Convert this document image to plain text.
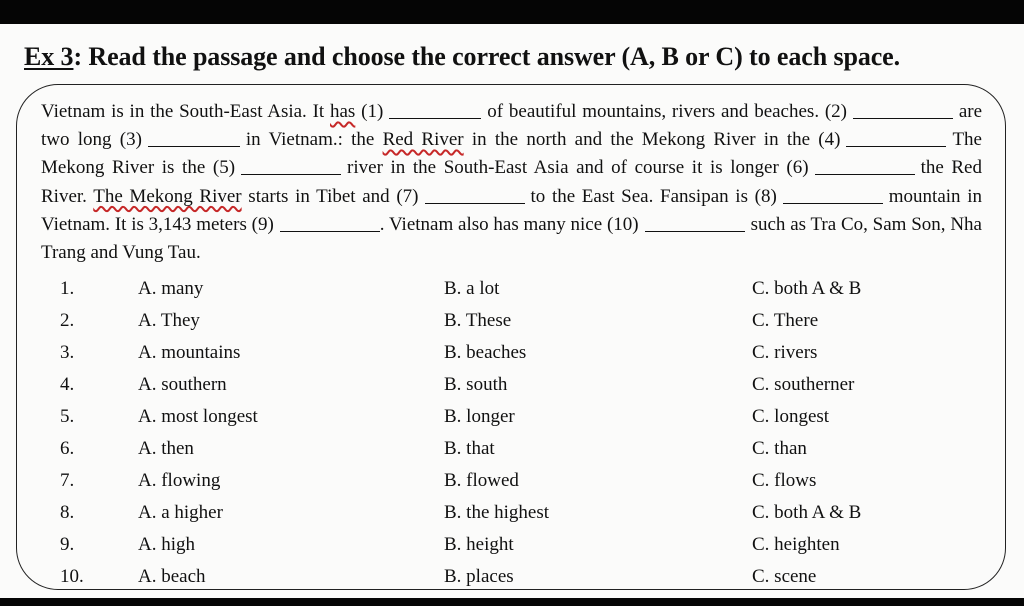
Ex 3: Read the passage and choose the correct answer (A, B or C) to each space.
Vietnam is in the South-East Asia. It has (1)	of beautiful mountains, rivers and beaches. (2)	are two long (3)	in Vietnam.: the Red River in the north and the Mekong River in the (4)	The Mekong River is the (5)	river in the South-East Asia and of course it is longer (6)	the Red River. The Mekong River starts in Tibet and (7)	to the East Sea. Fansipan is (8)	mountain in Vietnam. It is 3,143 meters (9)	. Vietnam also has many nice (10)	such as Tra Co, Sam Son, Nha Trang and Vung Tau.
1.	A. many	B. a lot	C. both A & B
2.	A. They	B. These	C. There
3.	A. mountains	B. beaches	C. rivers
4.	A. southern	B. south	C. southerner
5.	A. most longest	B. longer	C. longest
6.	A. then	B. that	C. than
7.	A. flowing	B. flowed	C. flows
8.	A. a higher	B. the highest	C. both A & B
9.	A. high	B. height	C. heighten
10.	A. beach	B. places	C. scene
